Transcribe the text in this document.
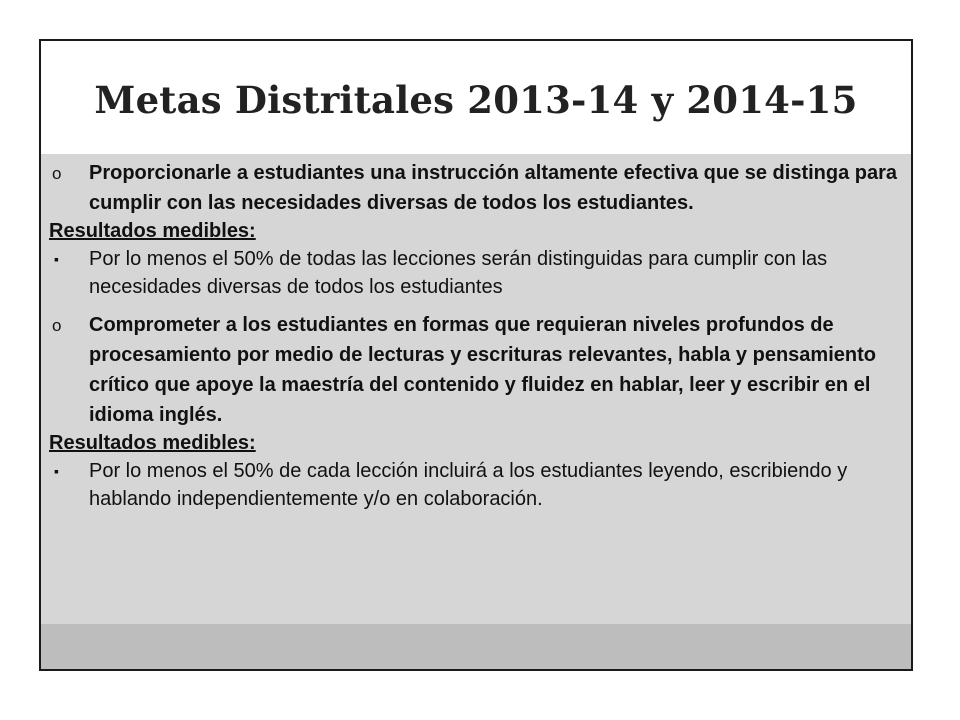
Metas Distritales 2013-14 y 2014-15
o Proporcionarle a estudiantes una instrucción altamente efectiva que se distinga para cumplir con las necesidades diversas de todos los estudiantes.
Resultados medibles:
▪ Por lo menos el 50% de todas las lecciones serán distinguidas para cumplir con las necesidades diversas de todos los estudiantes
o Comprometer a los estudiantes en formas que requieran niveles profundos de procesamiento por medio de lecturas y escrituras relevantes, habla y pensamiento crítico que apoye la maestría del contenido y fluidez en hablar, leer y escribir en el idioma inglés.
Resultados medibles:
▪ Por lo menos el 50% de cada lección incluirá a los estudiantes leyendo, escribiendo y hablando independientemente y/o en colaboración.
